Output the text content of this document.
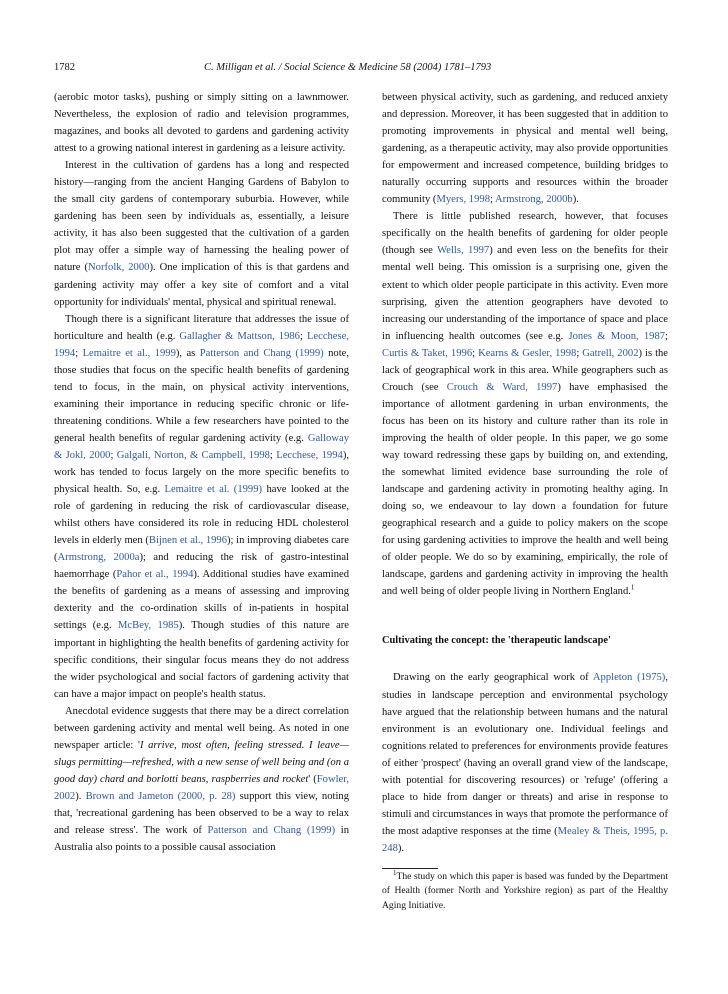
1782	C. Milligan et al. / Social Science & Medicine 58 (2004) 1781–1793

(aerobic motor tasks), pushing or simply sitting on a lawnmower. Nevertheless, the explosion of radio and television programmes, magazines, and books all devoted to gardens and gardening activity attest to a growing national interest in gardening as a leisure activity.

Interest in the cultivation of gardens has a long and respected history—ranging from the ancient Hanging Gardens of Babylon to the small city gardens of contemporary suburbia. However, while gardening has been seen by individuals as, essentially, a leisure activity, it has also been suggested that the cultivation of a garden plot may offer a simple way of harnessing the healing power of nature (Norfolk, 2000). One implication of this is that gardens and gardening activity may offer a key site of comfort and a vital opportunity for individuals' mental, physical and spiritual renewal.

Though there is a significant literature that addresses the issue of horticulture and health (e.g. Gallagher & Mattson, 1986; Lecchese, 1994; Lemaitre et al., 1999), as Patterson and Chang (1999) note, those studies that focus on the specific health benefits of gardening tend to focus, in the main, on physical activity interventions, examining their importance in reducing specific chronic or life-threatening conditions. While a few researchers have pointed to the general health benefits of regular gardening activity (e.g. Galloway & Jokl, 2000; Galgali, Norton, & Campbell, 1998; Lecchese, 1994), work has tended to focus largely on the more specific benefits to physical health. So, e.g. Lemaitre et al. (1999) have looked at the role of gardening in reducing the risk of cardiovascular disease, whilst others have considered its role in reducing HDL cholesterol levels in elderly men (Bijnen et al., 1996); in improving diabetes care (Armstrong, 2000a); and reducing the risk of gastro-intestinal haemorrhage (Pahor et al., 1994). Additional studies have examined the benefits of gardening as a means of assessing and improving dexterity and the co-ordination skills of in-patients in hospital settings (e.g. McBey, 1985). Though studies of this nature are important in highlighting the health benefits of gardening activity for specific conditions, their singular focus means they do not address the wider psychological and social factors of gardening activity that can have a major impact on people's health status.

Anecdotal evidence suggests that there may be a direct correlation between gardening activity and mental well being. As noted in one newspaper article: 'I arrive, most often, feeling stressed. I leave—slugs permitting—refreshed, with a new sense of well being and (on a good day) chard and borlotti beans, raspberries and rocket' (Fowler, 2002). Brown and Jameton (2000, p. 28) support this view, noting that, 'recreational gardening has been observed to be a way to relax and release stress'. The work of Patterson and Chang (1999) in Australia also points to a possible causal association

between physical activity, such as gardening, and reduced anxiety and depression. Moreover, it has been suggested that in addition to promoting improvements in physical and mental well being, gardening, as a therapeutic activity, may also provide opportunities for empowerment and increased competence, building bridges to naturally occurring supports and resources within the broader community (Myers, 1998; Armstrong, 2000b).

There is little published research, however, that focuses specifically on the health benefits of gardening for older people (though see Wells, 1997) and even less on the benefits for their mental well being. This omission is a surprising one, given the extent to which older people participate in this activity. Even more surprising, given the attention geographers have devoted to increasing our understanding of the importance of space and place in influencing health outcomes (see e.g. Jones & Moon, 1987; Curtis & Taket, 1996; Kearns & Gesler, 1998; Gatrell, 2002) is the lack of geographical work in this area. While geographers such as Crouch (see Crouch & Ward, 1997) have emphasised the importance of allotment gardening in urban environments, the focus has been on its history and culture rather than its role in improving the health of older people. In this paper, we go some way toward redressing these gaps by building on, and extending, the somewhat limited evidence base surrounding the role of landscape and gardening activity in promoting healthy aging. In doing so, we endeavour to lay down a foundation for future geographical research and a guide to policy makers on the scope for using gardening activities to improve the health and well being of older people. We do so by examining, empirically, the role of landscape, gardens and gardening activity in improving the health and well being of older people living in Northern England.$^1$

Cultivating the concept: the 'therapeutic landscape'

Drawing on the early geographical work of Appleton (1975), studies in landscape perception and environmental psychology have argued that the relationship between humans and the natural environment is an evolutionary one. Individual feelings and cognitions related to preferences for environments provide features of either 'prospect' (having an overall grand view of the landscape, with potential for discovering resources) or 'refuge' (offering a place to hide from danger or threats) and arise in response to stimuli and circumstances in ways that promote the performance of the most adaptive responses at the time (Mealey & Theis, 1995, p. 248).

$^1$The study on which this paper is based was funded by the Department of Health (former North and Yorkshire region) as part of the Healthy Aging Initiative.
